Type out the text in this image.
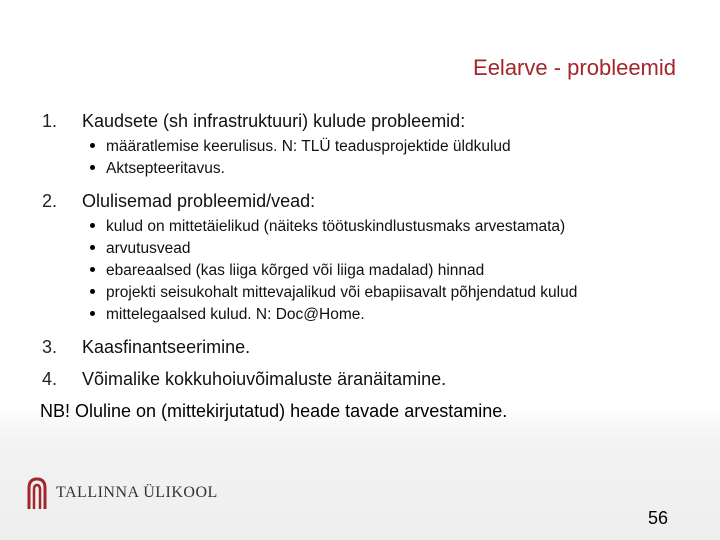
Eelarve - probleemid
1.	Kaudsete (sh infrastruktuuri) kulude probleemid:
määratlemise keerulisus. N: TLÜ teadusprojektide üldkulud
Aktsepteeritavus.
2.	Olulisemad probleemid/vead:
kulud on mittetäielikud (näiteks töötuskindlustusmaks arvestamata)
arvutusvead
ebareaalsed (kas liiga kõrged või liiga madalad) hinnad
projekti seisukohalt mittevajalikud või ebapiisavalt põhjendatud kulud
mittelegaalsed kulud. N: Doc@Home.
3.	Kaasfinantseerimine.
4.	Võimalike kokkuhoiuvõimaluste äranäitamine.
NB! Oluline on (mittekirjutatud) heade tavade arvestamine.
TALLINNA ÜLIKOOL
56
